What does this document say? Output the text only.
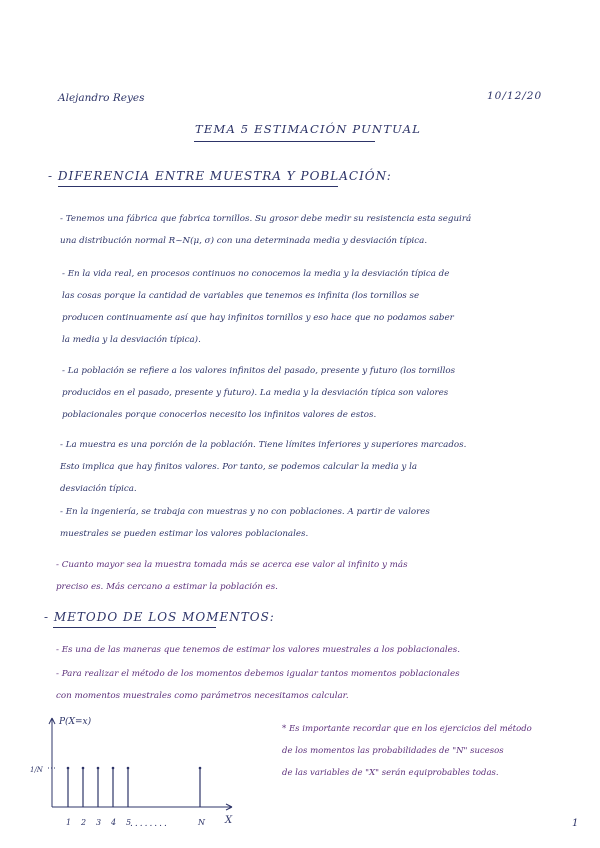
Alejandro Reyes	10/12/20
TEMA 5 ESTIMACIÓN PUNTUAL
- DIFERENCIA ENTRE MUESTRA Y POBLACIÓN:
- Tenemos una fábrica que fabrica tornillos. Su grosor debe medir su resistencia esta seguirá
una distribución normal R~N(μ, σ) con una determinada media y desviación típica.
- En la vida real, en procesos continuos no conocemos la media y la desviación típica de
las cosas porque la cantidad de variables que tenemos es infinita (los tornillos se
producen continuamente así que hay infinitos tornillos y eso hace que no podamos saber
la media y la desviación típica).
- La población se refiere a los valores infinitos del pasado, presente y futuro (los tornillos
producidos en el pasado, presente y futuro). La media y la desviación típica son valores
poblacionales porque conocerlos necesito los infinitos valores de estos.
- La muestra es una porción de la población. Tiene límites inferiores y superiores marcados.
Esto implica que hay finitos valores. Por tanto, se podemos calcular la media y la
desviación típica.
- En la ingeniería, se trabaja con muestras y no con poblaciones. A partir de valores
muestrales se pueden estimar los valores poblacionales.
- Cuanto mayor sea la muestra tomada más se acerca ese valor al infinito y más
preciso es. Más cercano a estimar la población es.
- METODO DE LOS MOMENTOS:
- Es una de las maneras que tenemos de estimar los valores muestrales a los poblacionales.
- Para realizar el método de los momentos debemos igualar tantos momentos poblacionales
con momentos muestrales como parámetros necesitamos calcular.
* Es importante recordar que en los ejercicios del método
de los momentos las probabilidades de "N" sucesos
de las variables de "X" serán equiprobables todas.
P(X=x)
X
1/N
1 2 3 4 5	N
........	1
